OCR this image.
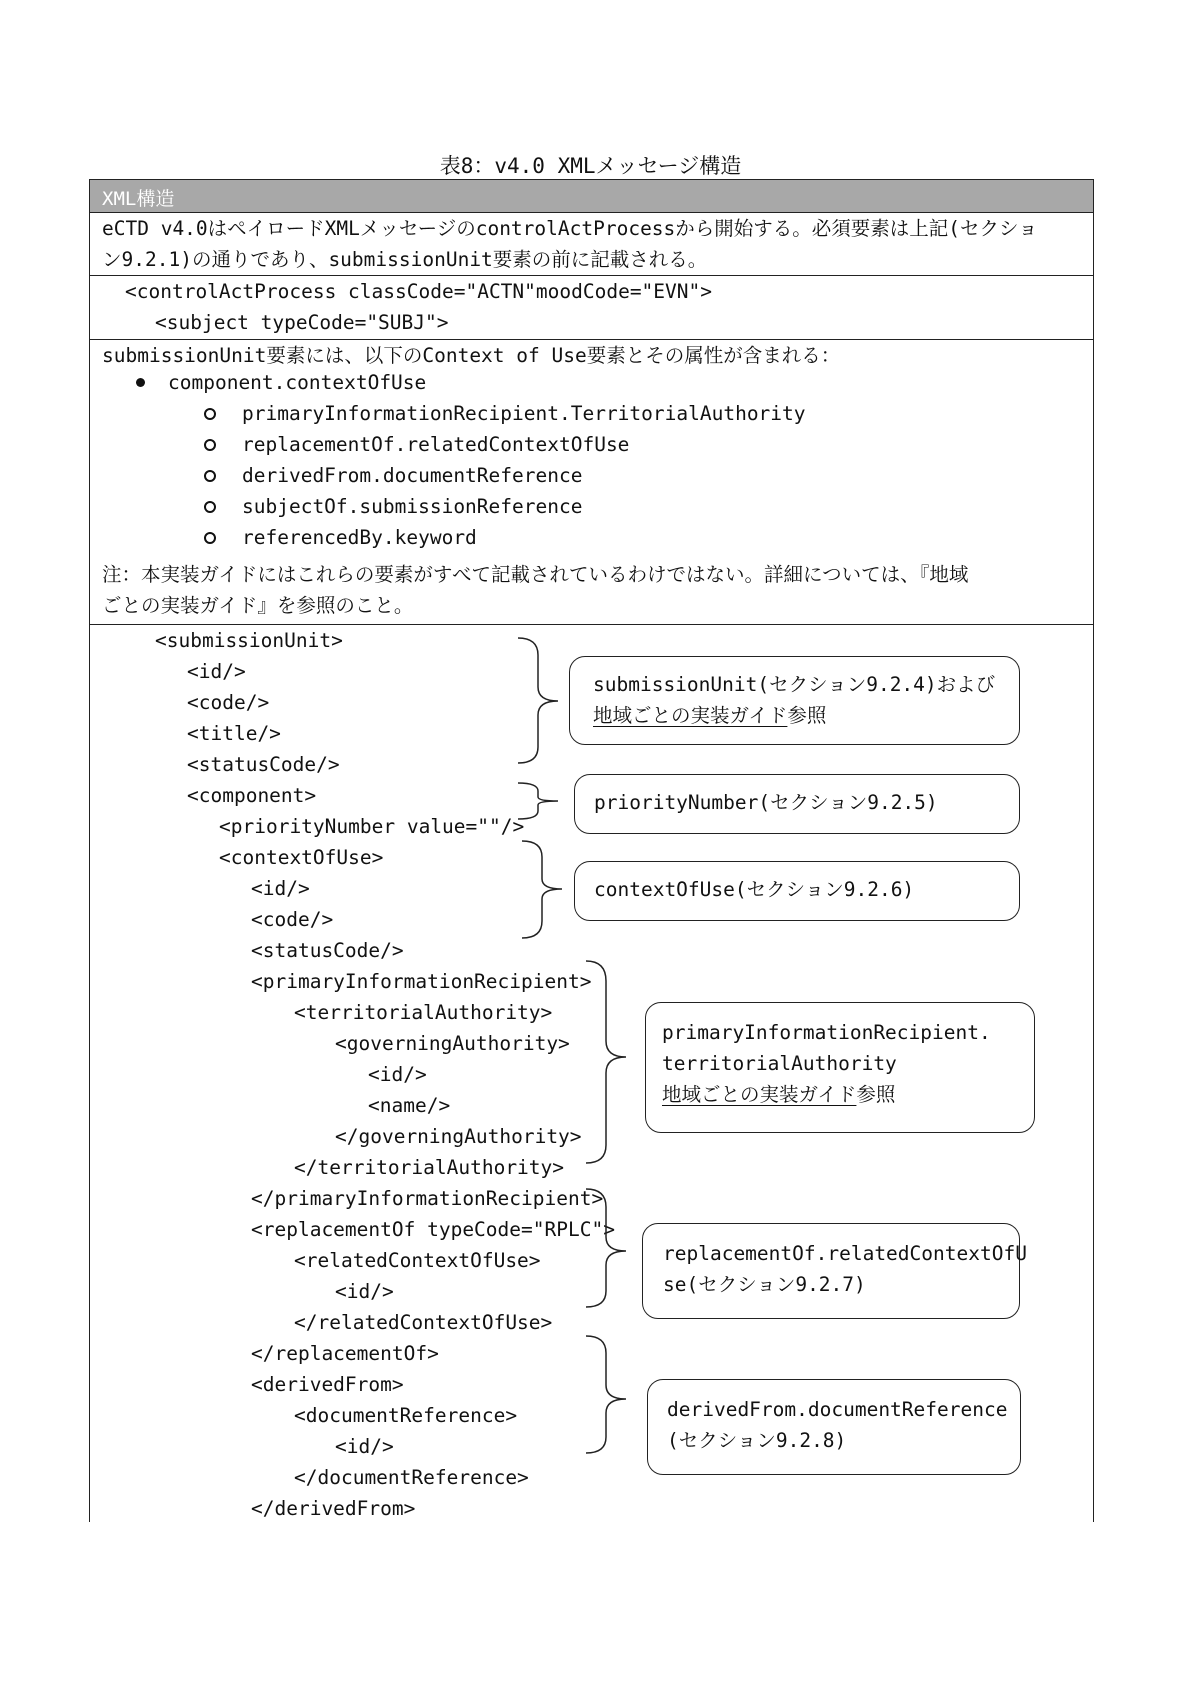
表8：v4.0 XMLメッセージ構造
XML構造
eCTD v4.0はペイロードXMLメッセージのcontrolActProcessから開始する。必須要素は上記(セクショ
ン9.2.1)の通りであり、submissionUnit要素の前に記載される。
<controlActProcess classCode="ACTN"moodCode="EVN">
<subject typeCode="SUBJ">
submissionUnit要素には、以下のContext of Use要素とその属性が含まれる：
component.contextOfUse
primaryInformationRecipient.TerritorialAuthority
replacementOf.relatedContextOfUse
derivedFrom.documentReference
subjectOf.submissionReference
referencedBy.keyword
注：本実装ガイドにはこれらの要素がすべて記載されているわけではない。詳細については、『地域
ごとの実装ガイド』を参照のこと。
<submissionUnit>
<id/>
<code/>
<title/>
<statusCode/>
<component>
<priorityNumber value=""/>
<contextOfUse>
<id/>
<code/>
<statusCode/>
<primaryInformationRecipient>
<territorialAuthority>
<governingAuthority>
<id/>
<name/>
</governingAuthority>
</territorialAuthority>
</primaryInformationRecipient>
<replacementOf typeCode="RPLC">
<relatedContextOfUse>
<id/>
</relatedContextOfUse>
</replacementOf>
<derivedFrom>
<documentReference>
<id/>
</documentReference>
</derivedFrom>
submissionUnit(セクション9.2.4)および
地域ごとの実装ガイド参照
priorityNumber(セクション9.2.5)
contextOfUse(セクション9.2.6)
primaryInformationRecipient.
territorialAuthority
地域ごとの実装ガイド参照
replacementOf.relatedContextOfU
se(セクション9.2.7)
derivedFrom.documentReference
(セクション9.2.8)
